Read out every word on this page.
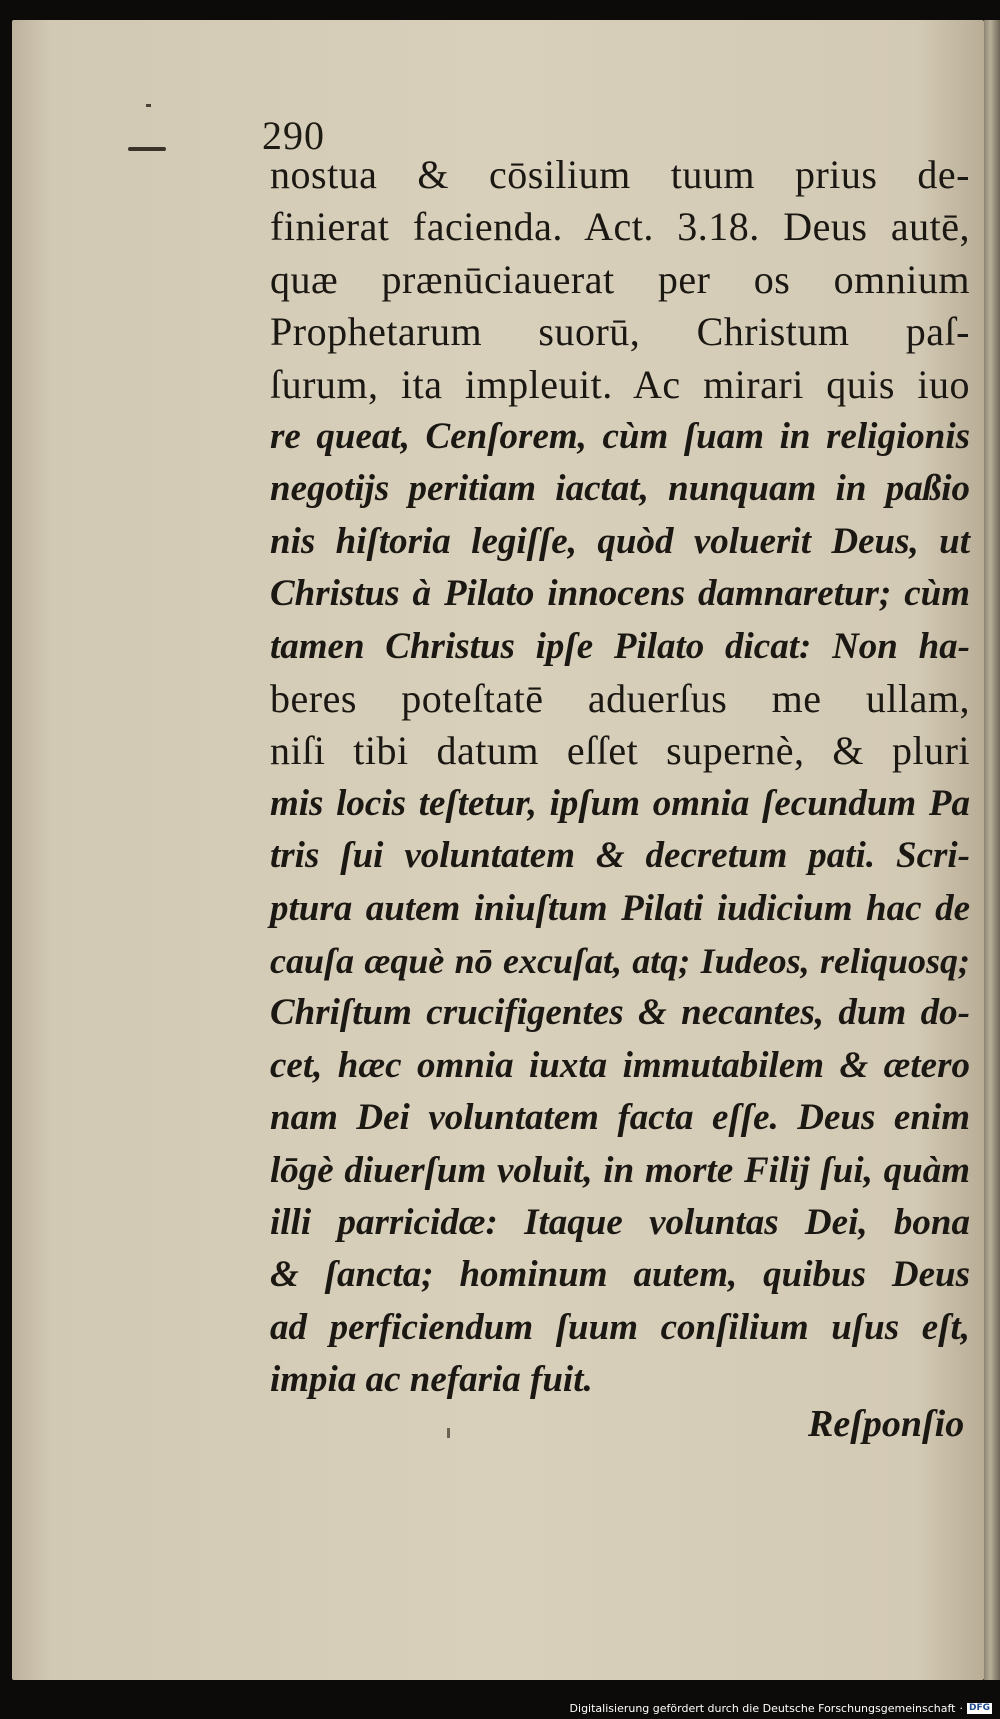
290
nostua & cōsilium tuum prius de-
finierat facienda. Act. 3.18. Deus autē,
quæ prænūciauerat per os omnium
Prophetarum suorū, Christum paſ-
ſurum, ita impleuit. Ac mirari quis iuo
re queat, Cenſorem, cùm ſuam in religionis
negotijs peritiam iactat, nunquam in paßio
nis hiſtoria legiſſe, quòd voluerit Deus, ut
Christus à Pilato innocens damnaretur; cùm
tamen Christus ipſe Pilato dicat: Non ha-
beres poteſtatē aduerſus me ullam,
niſi tibi datum eſſet supernè, & pluri
mis locis teſtetur, ipſum omnia ſecundum Pa
tris ſui voluntatem & decretum pati. Scri-
ptura autem iniuſtum Pilati iudicium hac de
cauſa æquè nō excuſat, atq; Iudeos, reliquosq;
Chriſtum crucifigentes & necantes, dum do-
cet, hæc omnia iuxta immutabilem & ætero
nam Dei voluntatem facta eſſe. Deus enim
lōgè diuerſum voluit, in morte Filij ſui, quàm
illi parricidæ: Itaque voluntas Dei, bona
& ſancta; hominum autem, quibus Deus
ad perficiendum ſuum conſilium uſus eſt,
impia ac nefaria fuit.
Reſponſio
Digitalisierung gefördert durch die Deutsche Forschungsgemeinschaft · DFG
